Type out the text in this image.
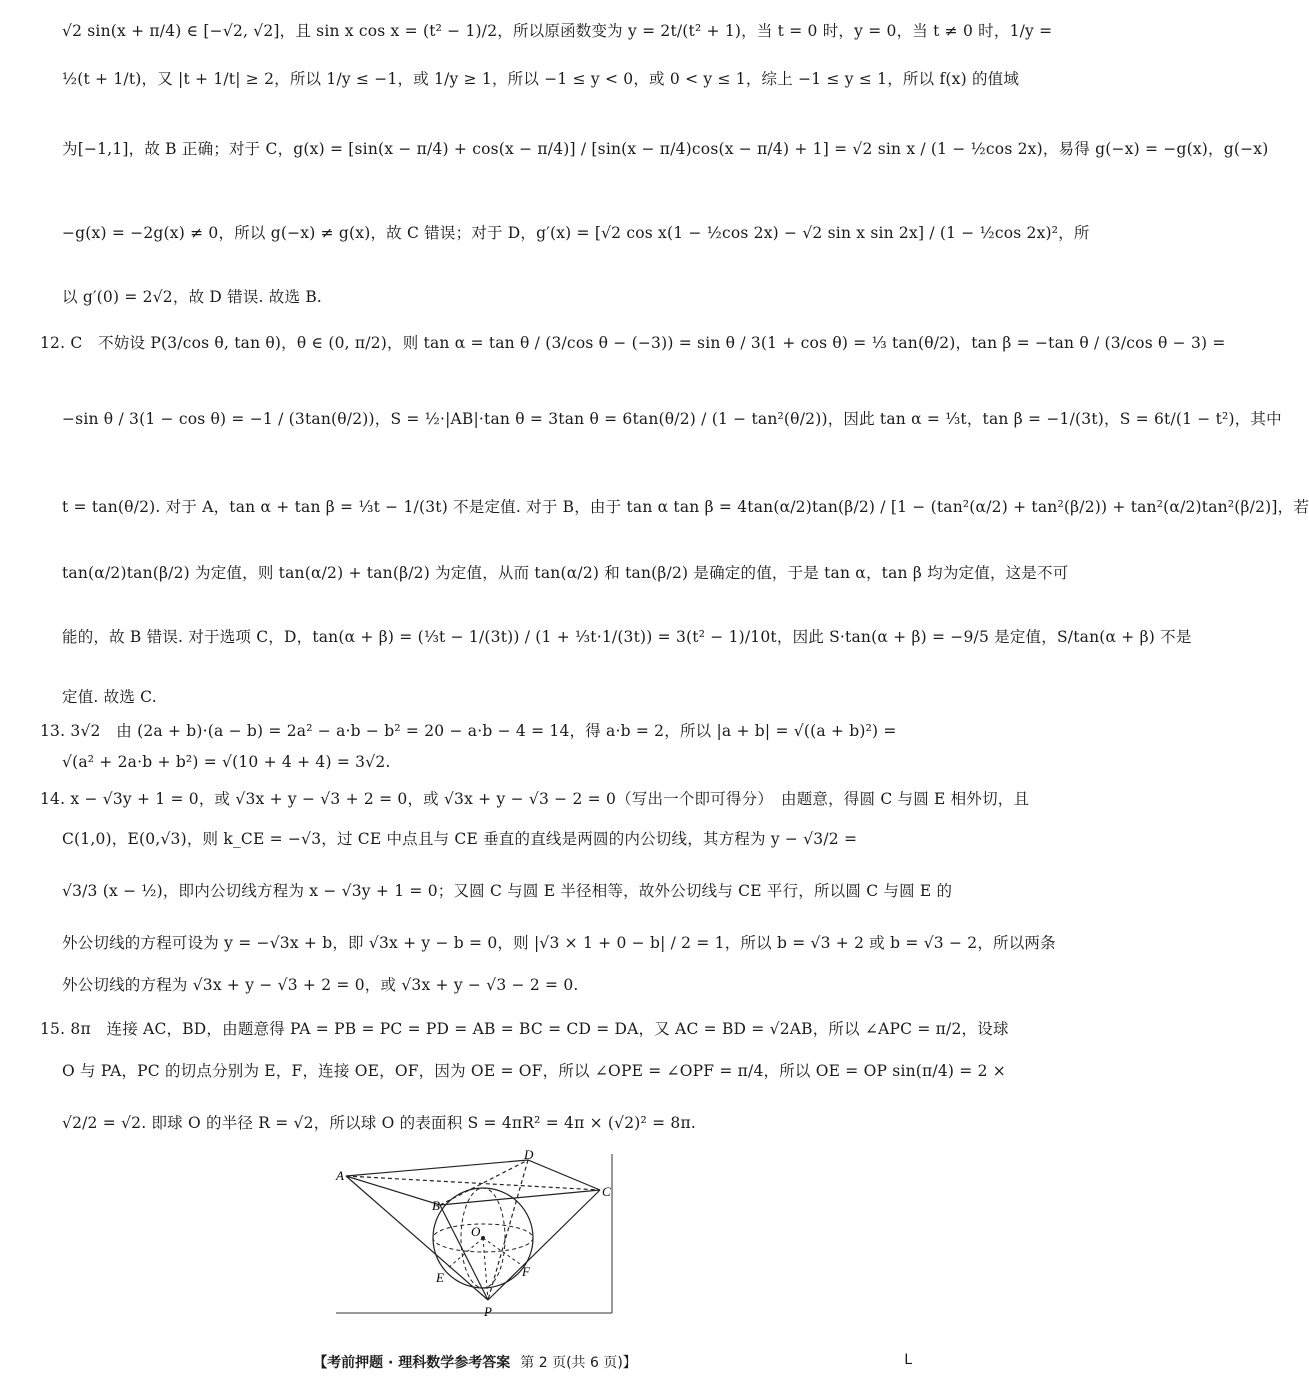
√2 sin(x + π/4) ∈ [−√2, √2]，且 sin x cos x = (t² − 1)/2，所以原函数变为 y = 2t/(t² + 1)，当 t = 0 时，y = 0，当 t ≠ 0 时，1/y =
½(t + 1/t)，又 |t + 1/t| ≥ 2，所以 1/y ≤ −1，或 1/y ≥ 1，所以 −1 ≤ y < 0，或 0 < y ≤ 1，综上 −1 ≤ y ≤ 1，所以 f(x) 的值域
为[−1,1]，故 B 正确；对于 C，g(x) = [sin(x − π/4) + cos(x − π/4)] / [sin(x − π/4)cos(x − π/4) + 1] = √2 sin x / (1 − ½cos 2x)，易得 g(−x) = −g(x)，g(−x)
−g(x) = −2g(x) ≠ 0，所以 g(−x) ≠ g(x)，故 C 错误；对于 D，g′(x) = [√2 cos x(1 − ½cos 2x) − √2 sin x sin 2x] / (1 − ½cos 2x)²，所
以 g′(0) = 2√2，故 D 错误. 故选 B.
12. C　不妨设 P(3/cos θ, tan θ)，θ ∈ (0, π/2)，则 tan α = tan θ / (3/cos θ − (−3)) = sin θ / 3(1 + cos θ) = ⅓ tan(θ/2)，tan β = −tan θ / (3/cos θ − 3) =
−sin θ / 3(1 − cos θ) = −1 / (3tan(θ/2))，S = ½·|AB|·tan θ = 3tan θ = 6tan(θ/2) / (1 − tan²(θ/2))，因此 tan α = ⅓t，tan β = −1/(3t)，S = 6t/(1 − t²)，其中
t = tan(θ/2). 对于 A，tan α + tan β = ⅓t − 1/(3t) 不是定值. 对于 B，由于 tan α tan β = 4tan(α/2)tan(β/2) / [1 − (tan²(α/2) + tan²(β/2)) + tan²(α/2)tan²(β/2)]，若
tan(α/2)tan(β/2) 为定值，则 tan(α/2) + tan(β/2) 为定值，从而 tan(α/2) 和 tan(β/2) 是确定的值，于是 tan α，tan β 均为定值，这是不可
能的，故 B 错误. 对于选项 C，D，tan(α + β) = (⅓t − 1/(3t)) / (1 + ⅓t·1/(3t)) = 3(t² − 1)/10t，因此 S·tan(α + β) = −9/5 是定值，S/tan(α + β) 不是
定值. 故选 C.
13. 3√2　由 (2a + b)·(a − b) = 2a² − a·b − b² = 20 − a·b − 4 = 14，得 a·b = 2，所以 |a + b| = √((a + b)²) =
√(a² + 2a·b + b²) = √(10 + 4 + 4) = 3√2.
14. x − √3y + 1 = 0，或 √3x + y − √3 + 2 = 0，或 √3x + y − √3 − 2 = 0（写出一个即可得分）　由题意，得圆 C 与圆 E 相外切，且
C(1,0)，E(0,√3)，则 k_CE = −√3，过 CE 中点且与 CE 垂直的直线是两圆的内公切线，其方程为 y − √3/2 =
√3/3 (x − ½)，即内公切线方程为 x − √3y + 1 = 0；又圆 C 与圆 E 半径相等，故外公切线与 CE 平行，所以圆 C 与圆 E 的
外公切线的方程可设为 y = −√3x + b，即 √3x + y − b = 0，则 |√3 × 1 + 0 − b| / 2 = 1，所以 b = √3 + 2 或 b = √3 − 2，所以两条
外公切线的方程为 √3x + y − √3 + 2 = 0，或 √3x + y − √3 − 2 = 0.
15. 8π　连接 AC，BD，由题意得 PA = PB = PC = PD = AB = BC = CD = DA，又 AC = BD = √2AB，所以 ∠APC = π/2，设球
O 与 PA，PC 的切点分别为 E，F，连接 OE，OF，因为 OE = OF，所以 ∠OPE = ∠OPF = π/4，所以 OE = OP sin(π/4) = 2 ×
√2/2 = √2. 即球 O 的半径 R = √2，所以球 O 的表面积 S = 4πR² = 4π × (√2)² = 8π.
A
D
C
B
O
E	F
P
【考前押题 · 理科数学参考答案 第 2 页(共 6 页)】	L
